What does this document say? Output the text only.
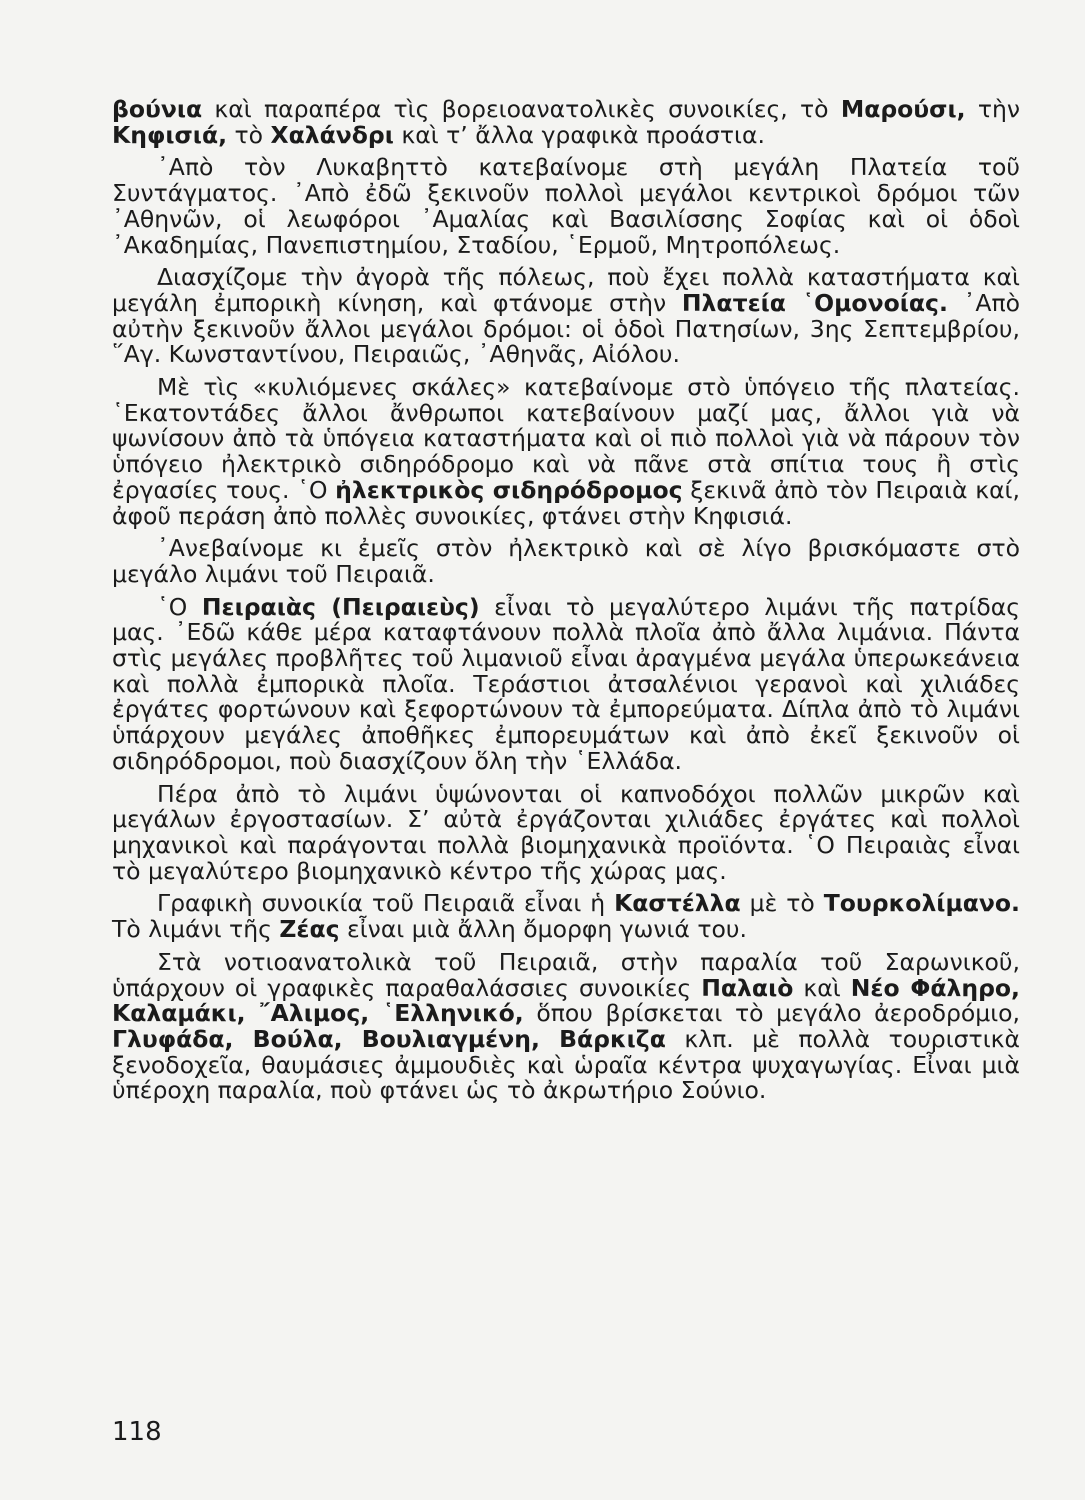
βούνια καὶ παραπέρα τὶς βορειοανατολικὲς συνοικίες, τὸ Μαρούσι, τὴν Κηφισιά, τὸ Χαλάνδρι καὶ τ’ ἄλλα γραφικὰ προάστια.

᾿Απὸ τὸν Λυκαβηττὸ κατεβαίνομε στὴ μεγάλη Πλατεία τοῦ Συντάγματος. ᾿Απὸ ἐδῶ ξεκινοῦν πολλοὶ μεγάλοι κεντρικοὶ δρόμοι τῶν ᾿Αθηνῶν, οἱ λεωφόροι ᾿Αμαλίας καὶ Βασιλίσσης Σοφίας καὶ οἱ ὁδοὶ ᾿Ακαδημίας, Πανεπιστημίου, Σταδίου, ῾Ερμοῦ, Μητροπόλεως.

Διασχίζομε τὴν ἀγορὰ τῆς πόλεως, ποὺ ἔχει πολλὰ καταστήματα καὶ μεγάλη ἐμπορικὴ κίνηση, καὶ φτάνομε στὴν Πλατεία ῾Ομονοίας. ᾿Απὸ αὐτὴν ξεκινοῦν ἄλλοι μεγάλοι δρόμοι: οἱ ὁδοὶ Πατησίων, 3ης Σεπτεμβρίου, ῞Αγ. Κωνσταντίνου, Πειραιῶς, ᾿Αθηνᾶς, Αἰόλου.

Μὲ τὶς «κυλιόμενες σκάλες» κατεβαίνομε στὸ ὑπόγειο τῆς πλατείας. ῾Εκατοντάδες ἄλλοι ἄνθρωποι κατεβαίνουν μαζί μας, ἄλλοι γιὰ νὰ ψωνίσουν ἀπὸ τὰ ὑπόγεια καταστήματα καὶ οἱ πιὸ πολλοὶ γιὰ νὰ πάρουν τὸν ὑπόγειο ἠλεκτρικὸ σιδηρόδρομο καὶ νὰ πᾶνε στὰ σπίτια τους ἢ στὶς ἐργασίες τους. ῾Ο ἠλεκτρικὸς σιδηρόδρομος ξεκινᾶ ἀπὸ τὸν Πειραιὰ καί, ἀφοῦ περάση ἀπὸ πολλὲς συνοικίες, φτάνει στὴν Κηφισιά.

᾿Ανεβαίνομε κι ἐμεῖς στὸν ἠλεκτρικὸ καὶ σὲ λίγο βρισκόμαστε στὸ μεγάλο λιμάνι τοῦ Πειραιᾶ.

῾Ο Πειραιὰς (Πειραιεὺς) εἶναι τὸ μεγαλύτερο λιμάνι τῆς πατρίδας μας. ᾿Εδῶ κάθε μέρα καταφτάνουν πολλὰ πλοῖα ἀπὸ ἄλλα λιμάνια. Πάντα στὶς μεγάλες προβλῆτες τοῦ λιμανιοῦ εἶναι ἀραγμένα μεγάλα ὑπερωκεάνεια καὶ πολλὰ ἐμπορικὰ πλοῖα. Τεράστιοι ἀτσαλένιοι γερανοὶ καὶ χιλιάδες ἐργάτες φορτώνουν καὶ ξεφορτώνουν τὰ ἐμπορεύματα. Δίπλα ἀπὸ τὸ λιμάνι ὑπάρχουν μεγάλες ἀποθῆκες ἐμπορευμάτων καὶ ἀπὸ ἐκεῖ ξεκινοῦν οἱ σιδηρόδρομοι, ποὺ διασχίζουν ὅλη τὴν ῾Ελλάδα.

Πέρα ἀπὸ τὸ λιμάνι ὑψώνονται οἱ καπνοδόχοι πολλῶν μικρῶν καὶ μεγάλων ἐργοστασίων. Σ’ αὐτὰ ἐργάζονται χιλιάδες ἐργάτες καὶ πολλοὶ μηχανικοὶ καὶ παράγονται πολλὰ βιομηχανικὰ προϊόντα. ῾Ο Πειραιὰς εἶναι τὸ μεγαλύτερο βιομηχανικὸ κέντρο τῆς χώρας μας.

Γραφικὴ συνοικία τοῦ Πειραιᾶ εἶναι ἡ Καστέλλα μὲ τὸ Τουρκολίμανο. Τὸ λιμάνι τῆς Ζέας εἶναι μιὰ ἄλλη ὄμορφη γωνιά του.

Στὰ νοτιοανατολικὰ τοῦ Πειραιᾶ, στὴν παραλία τοῦ Σαρωνικοῦ, ὑπάρχουν οἱ γραφικὲς παραθαλάσσιες συνοικίες Παλαιὸ καὶ Νέο Φάληρο, Καλαμάκι, ῎Αλιμος, ῾Ελληνικό, ὅπου βρίσκεται τὸ μεγάλο ἀεροδρόμιο, Γλυφάδα, Βούλα, Βουλιαγμένη, Βάρκιζα κλπ. μὲ πολλὰ τουριστικὰ ξενοδοχεῖα, θαυμάσιες ἀμμουδιὲς καὶ ὡραῖα κέντρα ψυχαγωγίας. Εἶναι μιὰ ὑπέροχη παραλία, ποὺ φτάνει ὡς τὸ ἀκρωτήριο Σούνιο.

118
